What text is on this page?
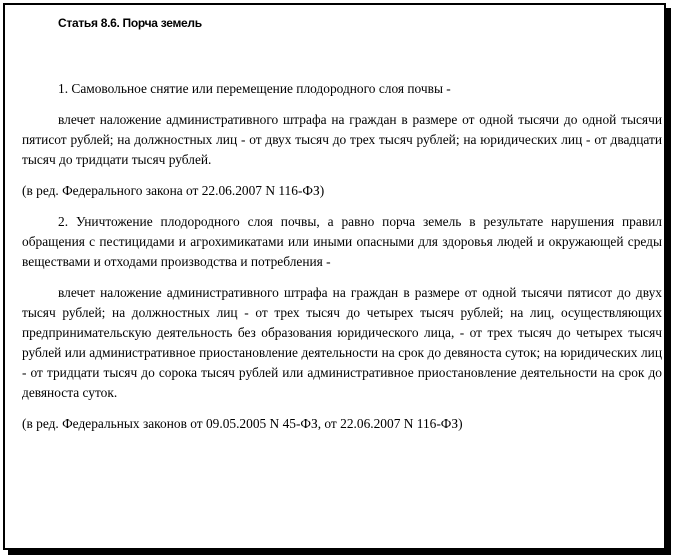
Статья 8.6. Порча земель

1. Самовольное снятие или перемещение плодородного слоя почвы -

влечет наложение административного штрафа на граждан в размере от одной тысячи до одной тысячи пятисот рублей; на должностных лиц - от двух тысяч до трех тысяч рублей; на юридических лиц - от двадцати тысяч до тридцати тысяч рублей.

(в ред. Федерального закона от 22.06.2007 N 116-ФЗ)

2. Уничтожение плодородного слоя почвы, а равно порча земель в результате нарушения правил обращения с пестицидами и агрохимикатами или иными опасными для здоровья людей и окружающей среды веществами и отходами производства и потребления -

влечет наложение административного штрафа на граждан в размере от одной тысячи пятисот до двух тысяч рублей; на должностных лиц - от трех тысяч до четырех тысяч рублей; на лиц, осуществляющих предпринимательскую деятельность без образования юридического лица, - от трех тысяч до четырех тысяч рублей или административное приостановление деятельности на срок до девяноста суток; на юридических лиц - от тридцати тысяч до сорока тысяч рублей или административное приостановление деятельности на срок до девяноста суток.

(в ред. Федеральных законов от 09.05.2005 N 45-ФЗ, от 22.06.2007 N 116-ФЗ)
